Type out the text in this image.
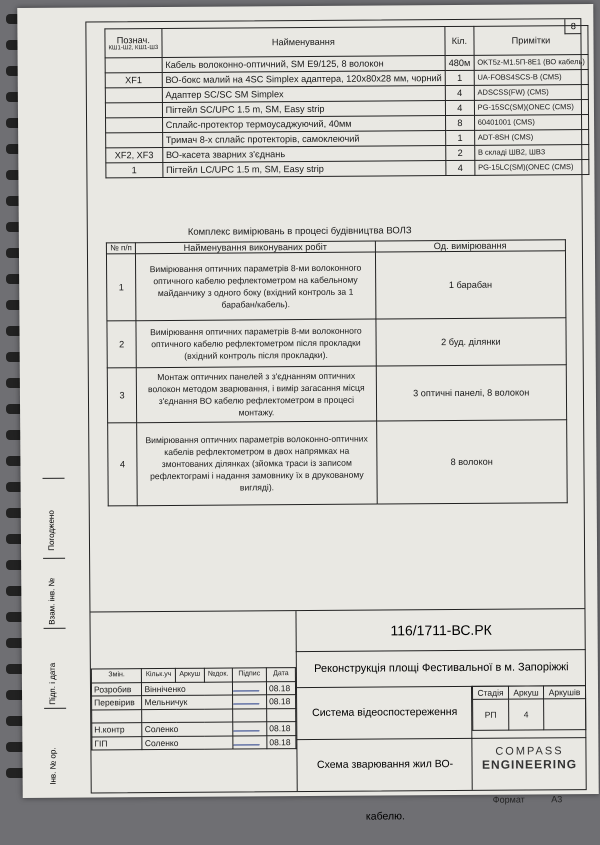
8
Познач.
КШ1-Ш2, КШ1-Ш3	Найменування	Кіл.	Примітки
	Кабель волоконно-оптичний, SM E9/125, 8 волокон	480м	OKT5z-M1.5П-8E1 (ВО кабель)
XF1	ВО-бокс малий на 4SC Simplex адаптера, 120x80x28 мм, чорний	1	UA-FOBS4SCS-B (CMS)
	Адаптер SC/SC SM Simplex	4	ADSCSS(FW) (CMS)
	Пігтейл SC/UPC 1.5 m, SM, Easy strip	4	PG-15SC(SM)(ONEC (CMS)
	Сплайс-протектор термоусаджуючий, 40мм	8	60401001 (CMS)
	Тримач 8-х сплайс протекторів, самоклеючий	1	ADT-8SH (CMS)
XF2, XF3	ВО-касета зварних з'єднань	2	В складі ШВ2, ШВ3
1	Пігтейл LC/UPC 1.5 m, SM, Easy strip	4	PG-15LC(SM)(ONEC (CMS)
Комплекс вимірювань в процесі будівництва ВОЛЗ
№ п/п	Найменування виконуваних робіт	Од. вимірювання
1	Вимірювання оптичних параметрів 8-ми волоконного оптичного кабелю рефлектометром на кабельному майданчику з одного боку (вхідний контроль за 1 барабан/кабель).	1 барабан
2	Вимірювання оптичних параметрів 8-ми волоконного оптичного кабелю рефлектометром після прокладки (вхідний контроль після прокладки).	2 буд. ділянки
3	Монтаж оптичних панелей з з'єднанням оптичних волокон методом зварювання, і вимір загасання місця з'єднання ВО кабелю рефлектометром в процесі монтажу.	3 оптичні панелі, 8 волокон
4	Вимірювання оптичних параметрів волоконно-оптичних кабелів рефлектометром в двох напрямках на змонтованих ділянках (зйомка траси із записом рефлектограмі і надання замовнику їх в друкованому вигляді).	8 волокон
116/1711-ВС.РК
Реконструкція площі Фестивальної в м. Запоріжжі
Система відеоспостереження
Схема зварювання жил ВО-кабелю.
Стадія	Аркуш	Аркушів
РП	4	
COMPASS
ENGINEERING
Змін.	Кільк.уч	Аркуш	№док.	Підпис	Дата
Розробив	Вінніченко				08.18
Перевірив	Мельничук				08.18

Н.контр	Соленко				08.18
ГІП	Соленко				08.18
Погоджено
Взам. інв. №
Підп. і дата
Інв. № ор.
Формат	А3
